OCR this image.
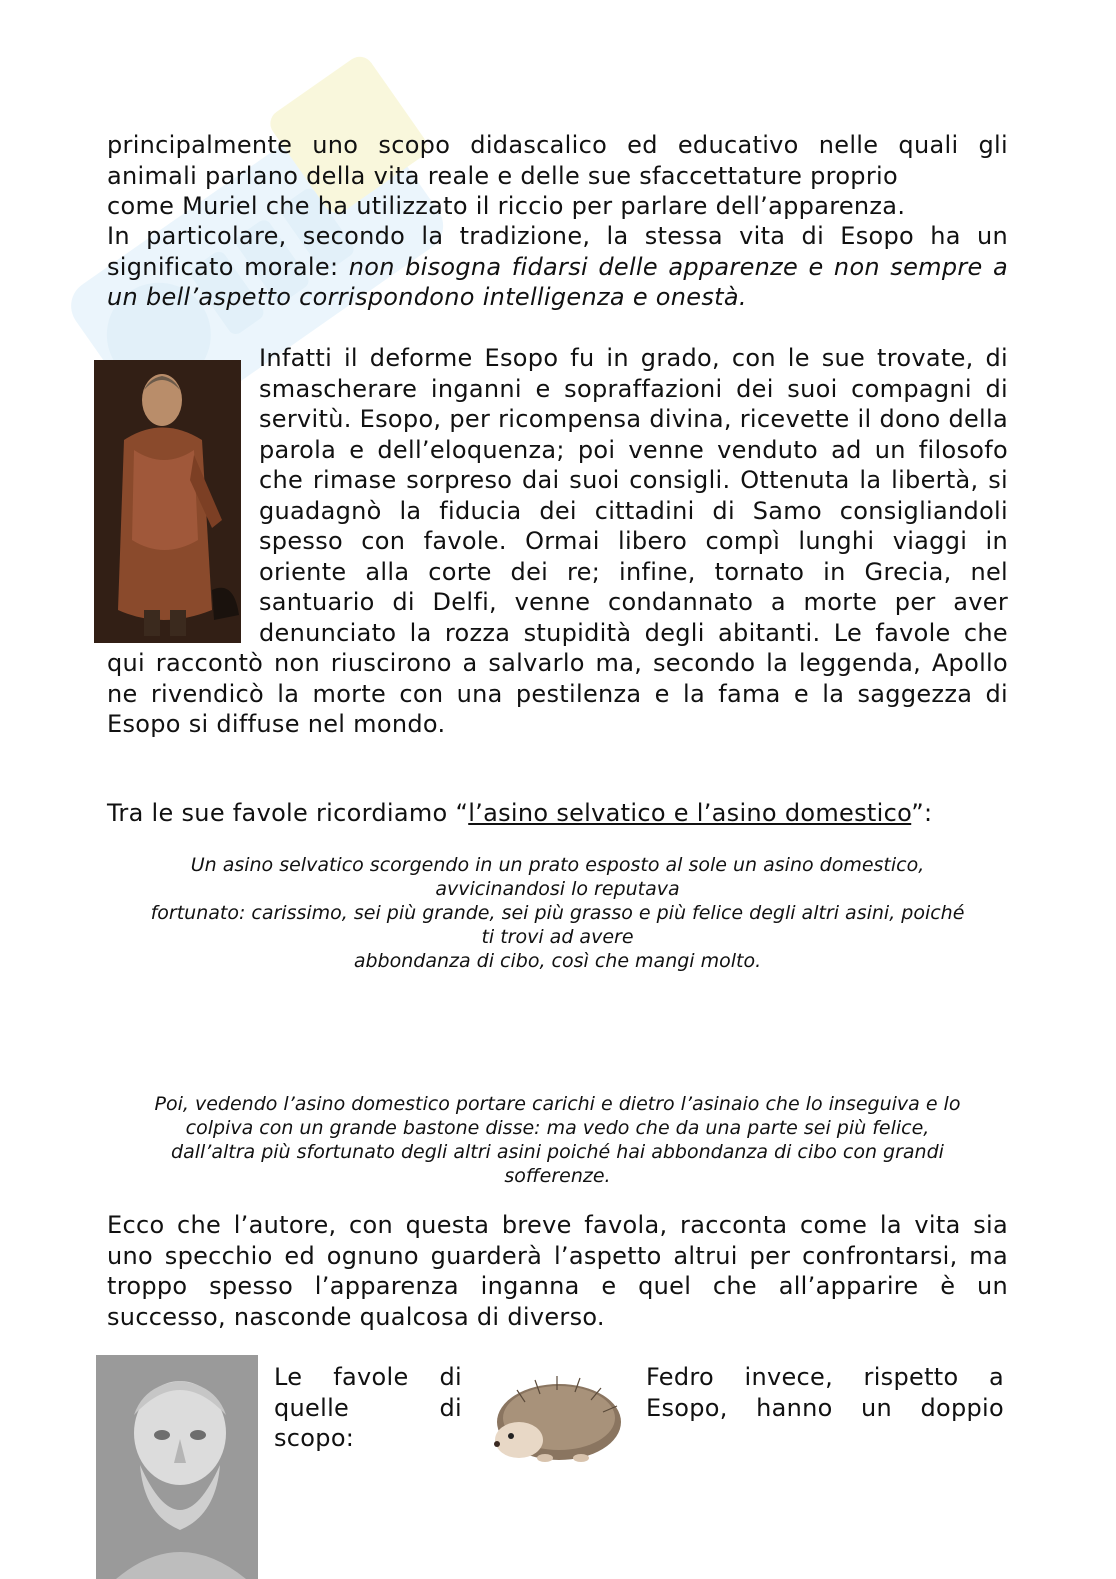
principalmente uno scopo didascalico ed educativo nelle quali gli animali parlano della vita reale e delle sue sfaccettature proprio
come Muriel che ha utilizzato il riccio per parlare dell’apparenza.

In particolare, secondo la tradizione, la stessa vita di Esopo ha un significato morale: non bisogna fidarsi delle apparenze e non sempre a un bell’aspetto corrispondono intelligenza e onestà.

Infatti il deforme Esopo fu in grado, con le sue trovate, di smascherare inganni e sopraffazioni dei suoi compagni di servitù. Esopo, per ricompensa divina, ricevette il dono della parola e dell’eloquenza; poi venne venduto ad un filosofo che rimase sorpreso dai suoi consigli. Ottenuta la libertà, si guadagnò la fiducia dei cittadini di Samo consigliandoli spesso con favole. Ormai libero compì lunghi viaggi in oriente alla corte dei re; infine, tornato in Grecia, nel santuario di Delfi, venne condannato a morte per aver denunciato la rozza stupidità degli abitanti. Le favole che qui raccontò non riuscirono a salvarlo ma, secondo la leggenda, Apollo ne rivendicò la morte con una pestilenza e la fama e la saggezza di Esopo si diffuse nel mondo.

Tra le sue favole ricordiamo “l’asino selvatico e l’asino domestico”:

Un asino selvatico scorgendo in un prato esposto al sole un asino domestico,
avvicinandosi lo reputava
fortunato: carissimo, sei più grande, sei più grasso e più felice degli altri asini, poiché
ti trovi ad avere
abbondanza di cibo, così che mangi molto.
Poi, vedendo l’asino domestico portare carichi e dietro l’asinaio che lo inseguiva e lo
colpiva con un grande bastone disse: ma vedo che da una parte sei più felice,
dall’altra più sfortunato degli altri asini poiché hai abbondanza di cibo con grandi
sofferenze.

Ecco che l’autore, con questa breve favola, racconta come la vita sia uno specchio ed ognuno guarderà l’aspetto altrui per confrontarsi, ma troppo spesso l’apparenza inganna e quel che all’apparire è un successo, nasconde qualcosa di diverso.

Le favole di
quelle	di
scopo:
Fedro invece, rispetto a
Esopo, hanno un doppio
